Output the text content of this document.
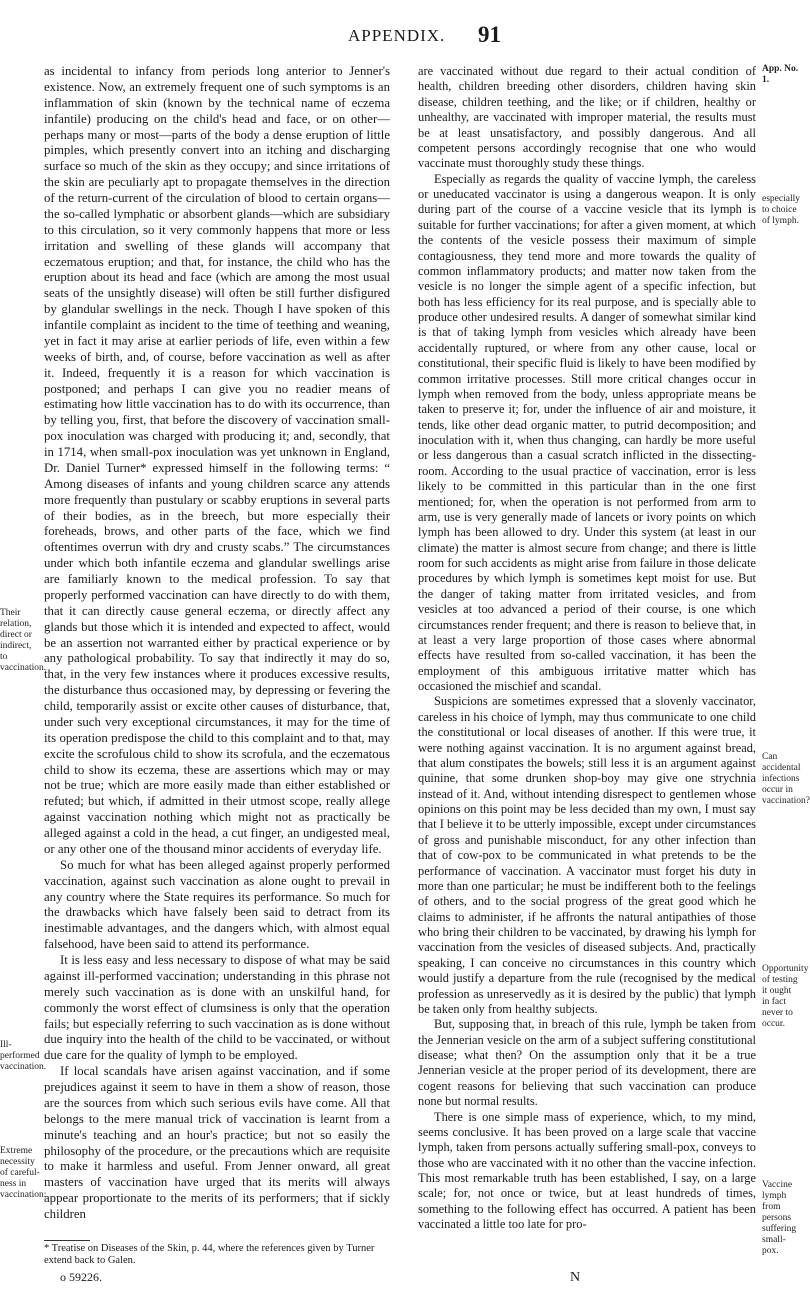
APPENDIX. 91

as incidental to infancy from periods long anterior to Jenner's existence. Now, an extremely frequent one of such symptoms is an inflammation of skin (known by the technical name of eczema infantile) producing on the child's head and face, or on other—perhaps many or most—parts of the body a dense eruption of little pimples, which presently convert into an itching and discharging surface so much of the skin as they occupy; and since irritations of the skin are peculiarly apt to propagate themselves in the direction of the return-current of the circulation of blood to certain organs—the so-called lymphatic or absorbent glands—which are subsidiary to this circulation, so it very commonly happens that more or less irritation and swelling of these glands will accompany that eczematous eruption; and that, for instance, the child who has the eruption about its head and face (which are among the most usual seats of the unsightly disease) will often be still further disfigured by glandular swellings in the neck. Though I have spoken of this infantile complaint as incident to the time of teething and weaning, yet in fact it may arise at earlier periods of life, even within a few weeks of birth, and, of course, before vaccination as well as after it. Indeed, frequently it is a reason for which vaccination is postponed; and perhaps I can give you no readier means of estimating how little vaccination has to do with its occurrence, than by telling you, first, that before the discovery of vaccination small-pox inoculation was charged with producing it; and, secondly, that in 1714, when small-pox inoculation was yet unknown in England, Dr. Daniel Turner* expressed himself in the following terms: “ Among diseases of infants and young children scarce any attends more frequently than pustulary or scabby eruptions in several parts of their bodies, as in the breech, but more especially their foreheads, brows, and other parts of the face, which we find oftentimes overrun with dry and crusty scabs.” The circumstances under which both infantile eczema and glandular swellings arise are familiarly known to the medical profession. To say that properly performed vaccination can have directly to do with them, that it can directly cause general eczema, or directly affect any glands but those which it is intended and expected to affect, would be an assertion not warranted either by practical experience or by any pathological probability. To say that indirectly it may do so, that, in the very few instances where it produces excessive results, the disturbance thus occasioned may, by depressing or fevering the child, temporarily assist or excite other causes of disturbance, that, under such very exceptional circumstances, it may for the time of its operation predispose the child to this complaint and to that, may excite the scrofulous child to show its scrofula, and the eczematous child to show its eczema, these are assertions which may or may not be true; which are more easily made than either established or refuted; but which, if admitted in their utmost scope, really allege against vaccination nothing which might not as practically be alleged against a cold in the head, a cut finger, an undigested meal, or any other one of the thousand minor accidents of everyday life.

So much for what has been alleged against properly performed vaccination, against such vaccination as alone ought to prevail in any country where the State requires its performance. So much for the drawbacks which have falsely been said to detract from its inestimable advantages, and the dangers which, with almost equal falsehood, have been said to attend its performance.

It is less easy and less necessary to dispose of what may be said against ill-performed vaccination; understanding in this phrase not merely such vaccination as is done with an unskilful hand, for commonly the worst effect of clumsiness is only that the operation fails; but especially referring to such vaccination as is done without due inquiry into the health of the child to be vaccinated, or without due care for the quality of lymph to be employed.

If local scandals have arisen against vaccination, and if some prejudices against it seem to have in them a show of reason, those are the sources from which such serious evils have come. All that belongs to the mere manual trick of vaccination is learnt from a minute's teaching and an hour's practice; but not so easily the philosophy of the procedure, or the precautions which are requisite to make it harmless and useful. From Jenner onward, all great masters of vaccination have urged that its merits will always appear proportionate to the merits of its performers; that if sickly children

are vaccinated without due regard to their actual condition of health, children breeding other disorders, children having skin disease, children teething, and the like; or if children, healthy or unhealthy, are vaccinated with improper material, the results must be at least unsatisfactory, and possibly dangerous. And all competent persons accordingly recognise that one who would vaccinate must thoroughly study these things.

Especially as regards the quality of vaccine lymph, the careless or uneducated vaccinator is using a dangerous weapon. It is only during part of the course of a vaccine vesicle that its lymph is suitable for further vaccinations; for after a given moment, at which the contents of the vesicle possess their maximum of simple contagiousness, they tend more and more towards the quality of common inflammatory products; and matter now taken from the vesicle is no longer the simple agent of a specific infection, but both has less efficiency for its real purpose, and is specially able to produce other undesired results. A danger of somewhat similar kind is that of taking lymph from vesicles which already have been accidentally ruptured, or where from any other cause, local or constitutional, their specific fluid is likely to have been modified by common irritative processes. Still more critical changes occur in lymph when removed from the body, unless appropriate means be taken to preserve it; for, under the influence of air and moisture, it tends, like other dead organic matter, to putrid decomposition; and inoculation with it, when thus changing, can hardly be more useful or less dangerous than a casual scratch inflicted in the dissecting-room. According to the usual practice of vaccination, error is less likely to be committed in this particular than in the one first mentioned; for, when the operation is not performed from arm to arm, use is very generally made of lancets or ivory points on which lymph has been allowed to dry. Under this system (at least in our climate) the matter is almost secure from change; and there is little room for such accidents as might arise from failure in those delicate procedures by which lymph is sometimes kept moist for use. But the danger of taking matter from irritated vesicles, and from vesicles at too advanced a period of their course, is one which circumstances render frequent; and there is reason to believe that, in at least a very large proportion of those cases where abnormal effects have resulted from so-called vaccination, it has been the employment of this ambiguous irritative matter which has occasioned the mischief and scandal.

Suspicions are sometimes expressed that a slovenly vaccinator, careless in his choice of lymph, may thus communicate to one child the constitutional or local diseases of another. If this were true, it were nothing against vaccination. It is no argument against bread, that alum constipates the bowels; still less it is an argument against quinine, that some drunken shop-boy may give one strychnia instead of it. And, without intending disrespect to gentlemen whose opinions on this point may be less decided than my own, I must say that I believe it to be utterly impossible, except under circumstances of gross and punishable misconduct, for any other infection than that of cow-pox to be communicated in what pretends to be the performance of vaccination. A vaccinator must forget his duty in more than one particular; he must be indifferent both to the feelings of others, and to the social progress of the great good which he claims to administer, if he affronts the natural antipathies of those who bring their children to be vaccinated, by drawing his lymph for vaccination from the vesicles of diseased subjects. And, practically speaking, I can conceive no circumstances in this country which would justify a departure from the rule (recognised by the medical profession as unreservedly as it is desired by the public) that lymph be taken only from healthy subjects.

But, supposing that, in breach of this rule, lymph be taken from the Jennerian vesicle on the arm of a subject suffering constitutional disease; what then? On the assumption only that it be a true Jennerian vesicle at the proper period of its development, there are cogent reasons for believing that such vaccination can produce none but normal results.

There is one simple mass of experience, which, to my mind, seems conclusive. It has been proved on a large scale that vaccine lymph, taken from persons actually suffering small-pox, conveys to those who are vaccinated with it no other than the vaccine infection. This most remarkable truth has been established, I say, on a large scale; for, not once or twice, but at least hundreds of times, something to the following effect has occurred. A patient has been vaccinated a little too late for pro-

Their relation, direct or indirect, to vaccination.
Ill-performed vaccination.
Extreme necessity of careful-ness in vaccination;
App. No. 1.
especially to choice of lymph.
Can accidental infections occur in vaccination?
Opportunity of testing it ought in fact never to occur.
Vaccine lymph from persons suffering small-pox.
* Treatise on Diseases of the Skin, p. 44, where the references given by Turner extend back to Galen.
o 59226.	N
